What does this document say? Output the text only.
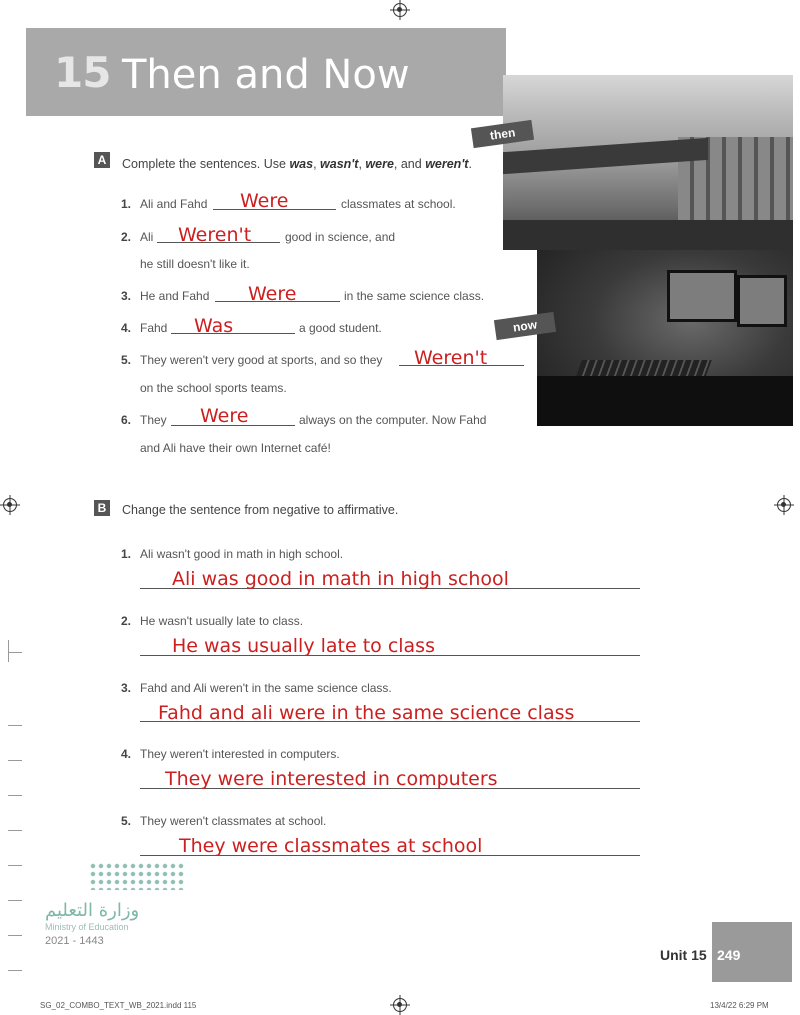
15 Then and Now
then
now
A Complete the sentences. Use was, wasn't, were, and weren't.
1. Ali and Fahd Were	classmates at school.
2. Ali Weren't	good in science, and
he still doesn't like it.
3. He and Fahd Were	in the same science class.
4. Fahd Was	a good student.
5. They weren't very good at sports, and so they Weren't
on the school sports teams.
6. They Were	always on the computer. Now Fahd
and Ali have their own Internet café!
B Change the sentence from negative to affirmative.
1. Ali wasn't good in math in high school.
Ali was good in math in high school
2. He wasn't usually late to class.
He was usually late to class
3. Fahd and Ali weren't in the same science class.
Fahd and ali were in the same science class
4. They weren't interested in computers.
They were interested in computers
5. They weren't classmates at school.
They were classmates at school
وزارة التعليم
Ministry of Education
2021 - 1443
Unit 15 249
SG_02_COMBO_TEXT_WB_2021.indd 115	13/4/22 6:29 PM
